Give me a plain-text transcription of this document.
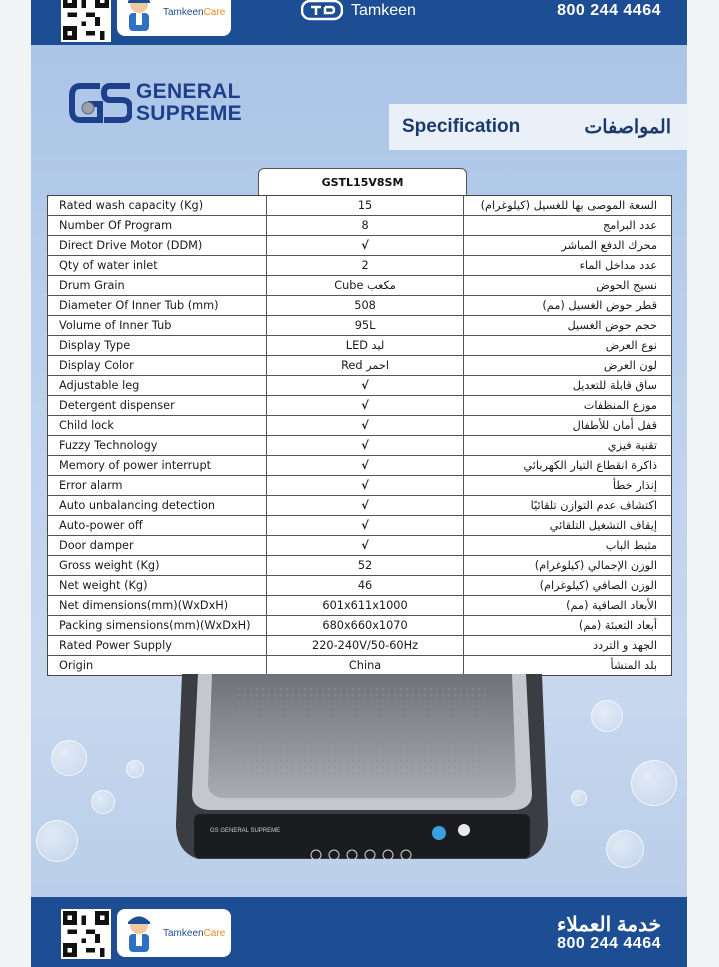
TamkeenCare	Tamkeen	800 244 4464
GENERAL
SUPREME
Specification	المواصفات
GSTL15V8SM
Rated wash capacity (Kg)	15	السعة الموصى بها للغسيل (كيلوغرام)
Number Of Program	8	عدد البرامج
Direct Drive Motor (DDM)	√	محرك الدفع المباشر
Qty of water inlet	2	عدد مداخل الماء
Drum Grain	Cube مكعب	نسيج الحوض
Diameter Of Inner Tub (mm)	508	قطر حوض الغسيل (مم)
Volume of Inner Tub	95L	حجم حوض الغسيل
Display Type	LED ليد	نوع العرض
Display Color	Red احمر	لون العرض
Adjustable leg	√	ساق قابلة للتعديل
Detergent dispenser	√	موزع المنظفات
Child lock	√	قفل أمان للأطفال
Fuzzy Technology	√	تقنية فيزي
Memory of power interrupt	√	ذاكرة انقطاع التيار الكهربائي
Error alarm	√	إنذار خطأ
Auto unbalancing detection	√	اكتشاف عدم التوازن تلقائيًا
Auto-power off	√	إيقاف التشغيل التلقائي
Door damper	√	مثبط الباب
Gross weight (Kg)	52	الوزن الإجمالي (كيلوغرام)
Net weight (Kg)	46	الوزن الصافي (كيلوغرام)
Net dimensions(mm)(WxDxH)	601x611x1000	الأبعاد الصافية (مم)
Packing simensions(mm)(WxDxH)	680x660x1070	أبعاد التعبئة (مم)
Rated Power Supply	220-240V/50-60Hz	الجهد و التردد
Origin	China	بلد المنشأ
GS GENERAL SUPREME
TamkeenCare	خدمة العملاء
800 244 4464
